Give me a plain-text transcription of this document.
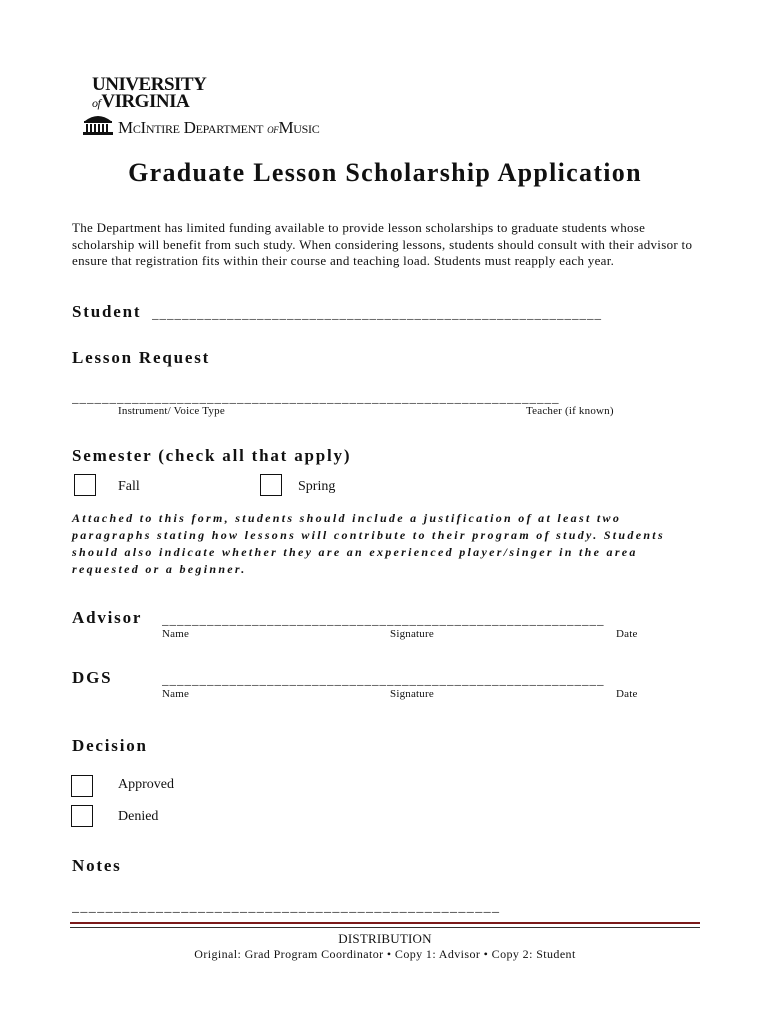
UNIVERSITY
ofVIRGINIA
McIntire Department ofMusic
Graduate Lesson Scholarship Application
The Department has limited funding available to provide lesson scholarships to graduate students whose scholarship will benefit from such study. When considering lessons, students should consult with their advisor to ensure that registration fits within their course and teaching load. Students must reapply each year.
Student ____________________________________________________________
Lesson Request
_________________________________________________________________
Instrument/ Voice Type	Teacher (if known)
Semester (check all that apply)
Fall	Spring
Attached to this form, students should include a justification of at least two paragraphs stating how lessons will contribute to their program of study. Students should also indicate whether they are an experienced player/singer in the area requested or a beginner.
Advisor ___________________________________________________________
Name	Signature	Date
DGS	___________________________________________________________
Name	Signature	Date
Decision
Approved
Denied
Notes
___________________________________________________
DISTRIBUTION
Original: Grad Program Coordinator • Copy 1: Advisor • Copy 2: Student
